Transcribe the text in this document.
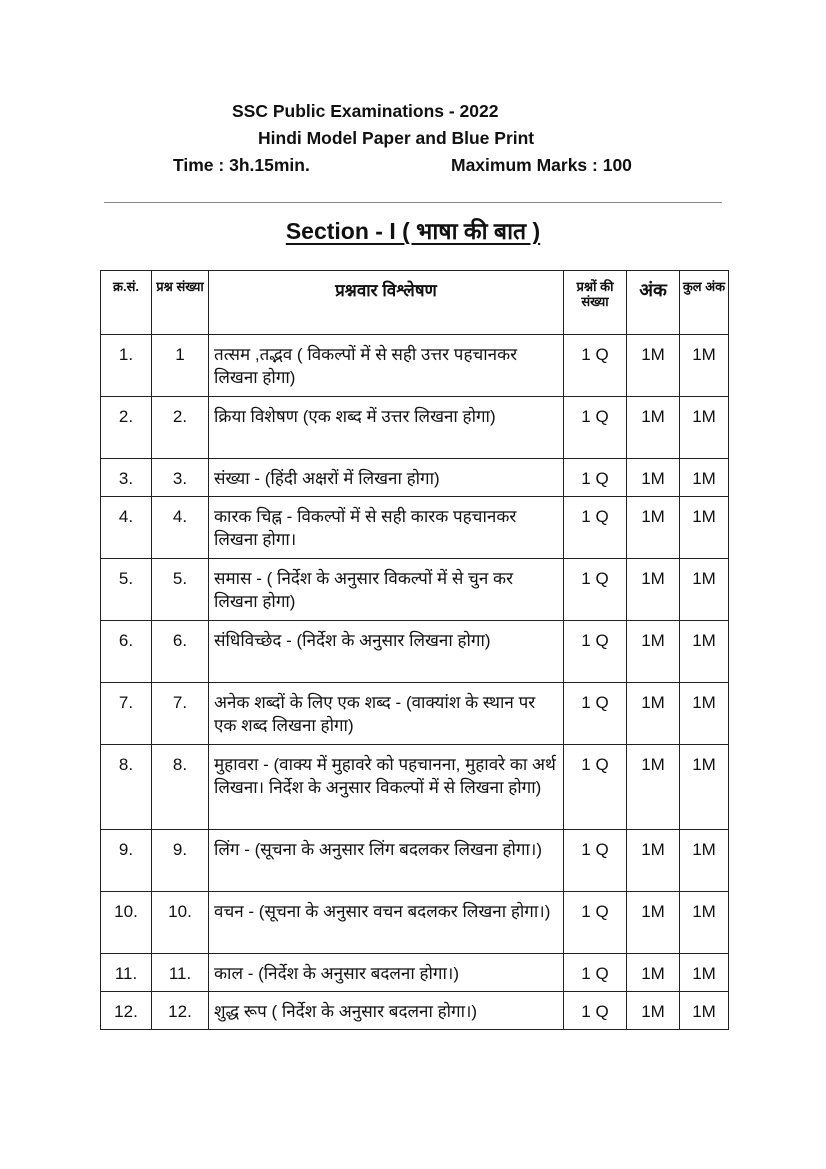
SSC Public Examinations - 2022
Hindi Model Paper and Blue Print
Time : 3h.15min.	Maximum Marks : 100
Section - I ( भाषा की बात )
क्र.सं.	प्रश्न संख्या	प्रश्नवार विश्लेषण	प्रश्नों की संख्या	अंक	कुल अंक
1.	1	तत्सम ,तद्भव ( विकल्पों में से सही उत्तर पहचानकर लिखना होगा)	1 Q	1M	1M
2.	2.	क्रिया विशेषण (एक शब्द में उत्तर लिखना होगा)	1 Q	1M	1M
3.	3.	संख्या - (हिंदी अक्षरों में लिखना होगा)	1 Q	1M	1M
4.	4.	कारक चिह्न - विकल्पों में से सही कारक पहचानकर लिखना होगा।	1 Q	1M	1M
5.	5.	समास - ( निर्देश के अनुसार विकल्पों में से चुन कर लिखना होगा)	1 Q	1M	1M
6.	6.	संधिविच्छेद - (निर्देश के अनुसार लिखना होगा)	1 Q	1M	1M
7.	7.	अनेक शब्दों के लिए एक शब्द - (वाक्यांश के स्थान पर एक शब्द लिखना होगा)	1 Q	1M	1M
8.	8.	मुहावरा - (वाक्य में मुहावरे को पहचानना, मुहावरे का अर्थ लिखना। निर्देश के अनुसार विकल्पों में से लिखना होगा)	1 Q	1M	1M
9.	9.	लिंग - (सूचना के अनुसार लिंग बदलकर लिखना होगा।)	1 Q	1M	1M
10.	10.	वचन - (सूचना के अनुसार वचन बदलकर लिखना होगा।)	1 Q	1M	1M
11.	11.	काल - (निर्देश के अनुसार बदलना होगा।)	1 Q	1M	1M
12.	12.	शुद्ध रूप ( निर्देश के अनुसार बदलना होगा।)	1 Q	1M	1M
